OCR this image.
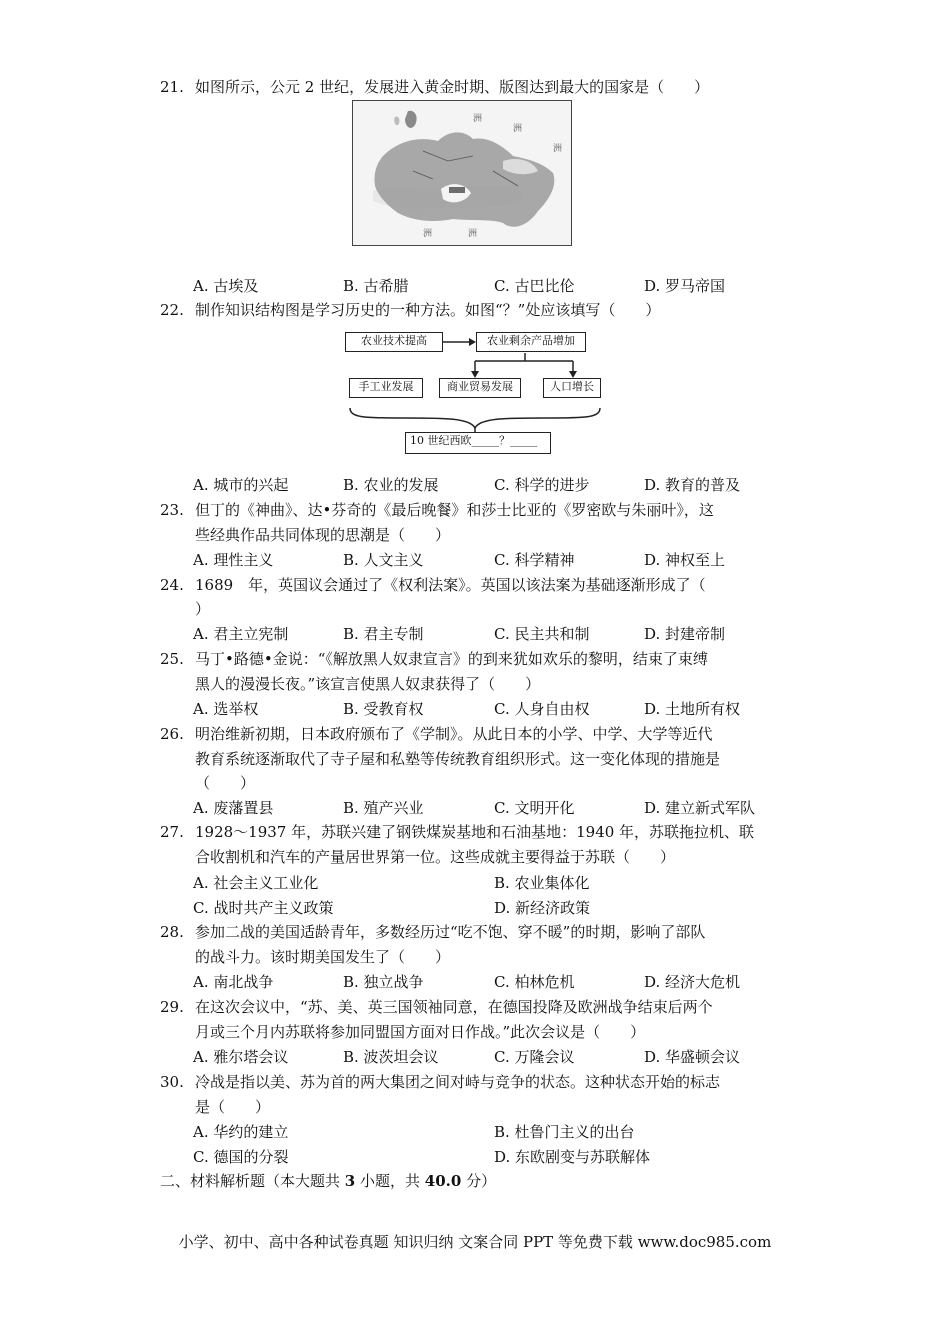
21. 如图所示，公元 2 世纪，发展进入黄金时期、版图达到最大的国家是（　　）
洲
洲
洲
洲	洲
A. 古埃及	B. 古希腊	C. 古巴比伦	D. 罗马帝国
22. 制作知识结构图是学习历史的一种方法。如图“？”处应该填写（　　）
农业技术提高	农业剩余产品增加
手工业发展	商业贸易发展	人口增长
10 世纪西欧_____？_____
A. 城市的兴起	B. 农业的发展	C. 科学的进步	D. 教育的普及
23. 但丁的《神曲》、达•芬奇的《最后晚餐》和莎士比亚的《罗密欧与朱丽叶》，这
些经典作品共同体现的思潮是（　　）
A. 理性主义	B. 人文主义	C. 科学精神	D. 神权至上
24. 1689　年，英国议会通过了《权利法案》。英国以该法案为基础逐渐形成了（
）
A. 君主立宪制	B. 君主专制	C. 民主共和制	D. 封建帝制
25. 马丁•路德•金说：“《解放黑人奴隶宣言》的到来犹如欢乐的黎明，结束了束缚
黑人的漫漫长夜。”该宣言使黑人奴隶获得了（　　）
A. 选举权	B. 受教育权	C. 人身自由权	D. 土地所有权
26. 明治维新初期，日本政府颁布了《学制》。从此日本的小学、中学、大学等近代
教育系统逐渐取代了寺子屋和私塾等传统教育组织形式。这一变化体现的措施是
（　　）
A. 废藩置县	B. 殖产兴业	C. 文明开化	D. 建立新式军队
27. 1928～1937 年，苏联兴建了钢铁煤炭基地和石油基地：1940 年，苏联拖拉机、联
合收割机和汽车的产量居世界第一位。这些成就主要得益于苏联（　　）
A. 社会主义工业化	B. 农业集体化
C. 战时共产主义政策	D. 新经济政策
28. 参加二战的美国适龄青年，多数经历过“吃不饱、穿不暖”的时期，影响了部队
的战斗力。该时期美国发生了（　　）
A. 南北战争	B. 独立战争	C. 柏林危机	D. 经济大危机
29. 在这次会议中，“苏、美、英三国领袖同意，在德国投降及欧洲战争结束后两个
月或三个月内苏联将参加同盟国方面对日作战。”此次会议是（　　）
A. 雅尔塔会议	B. 波茨坦会议	C. 万隆会议	D. 华盛顿会议
30. 冷战是指以美、苏为首的两大集团之间对峙与竞争的状态。这种状态开始的标志
是（　　）
A. 华约的建立	B. 杜鲁门主义的出台
C. 德国的分裂	D. 东欧剧变与苏联解体
二、材料解析题（本大题共 3 小题，共 40.0 分）
小学、初中、高中各种试卷真题 知识归纳 文案合同 PPT 等免费下载 www.doc985.com
